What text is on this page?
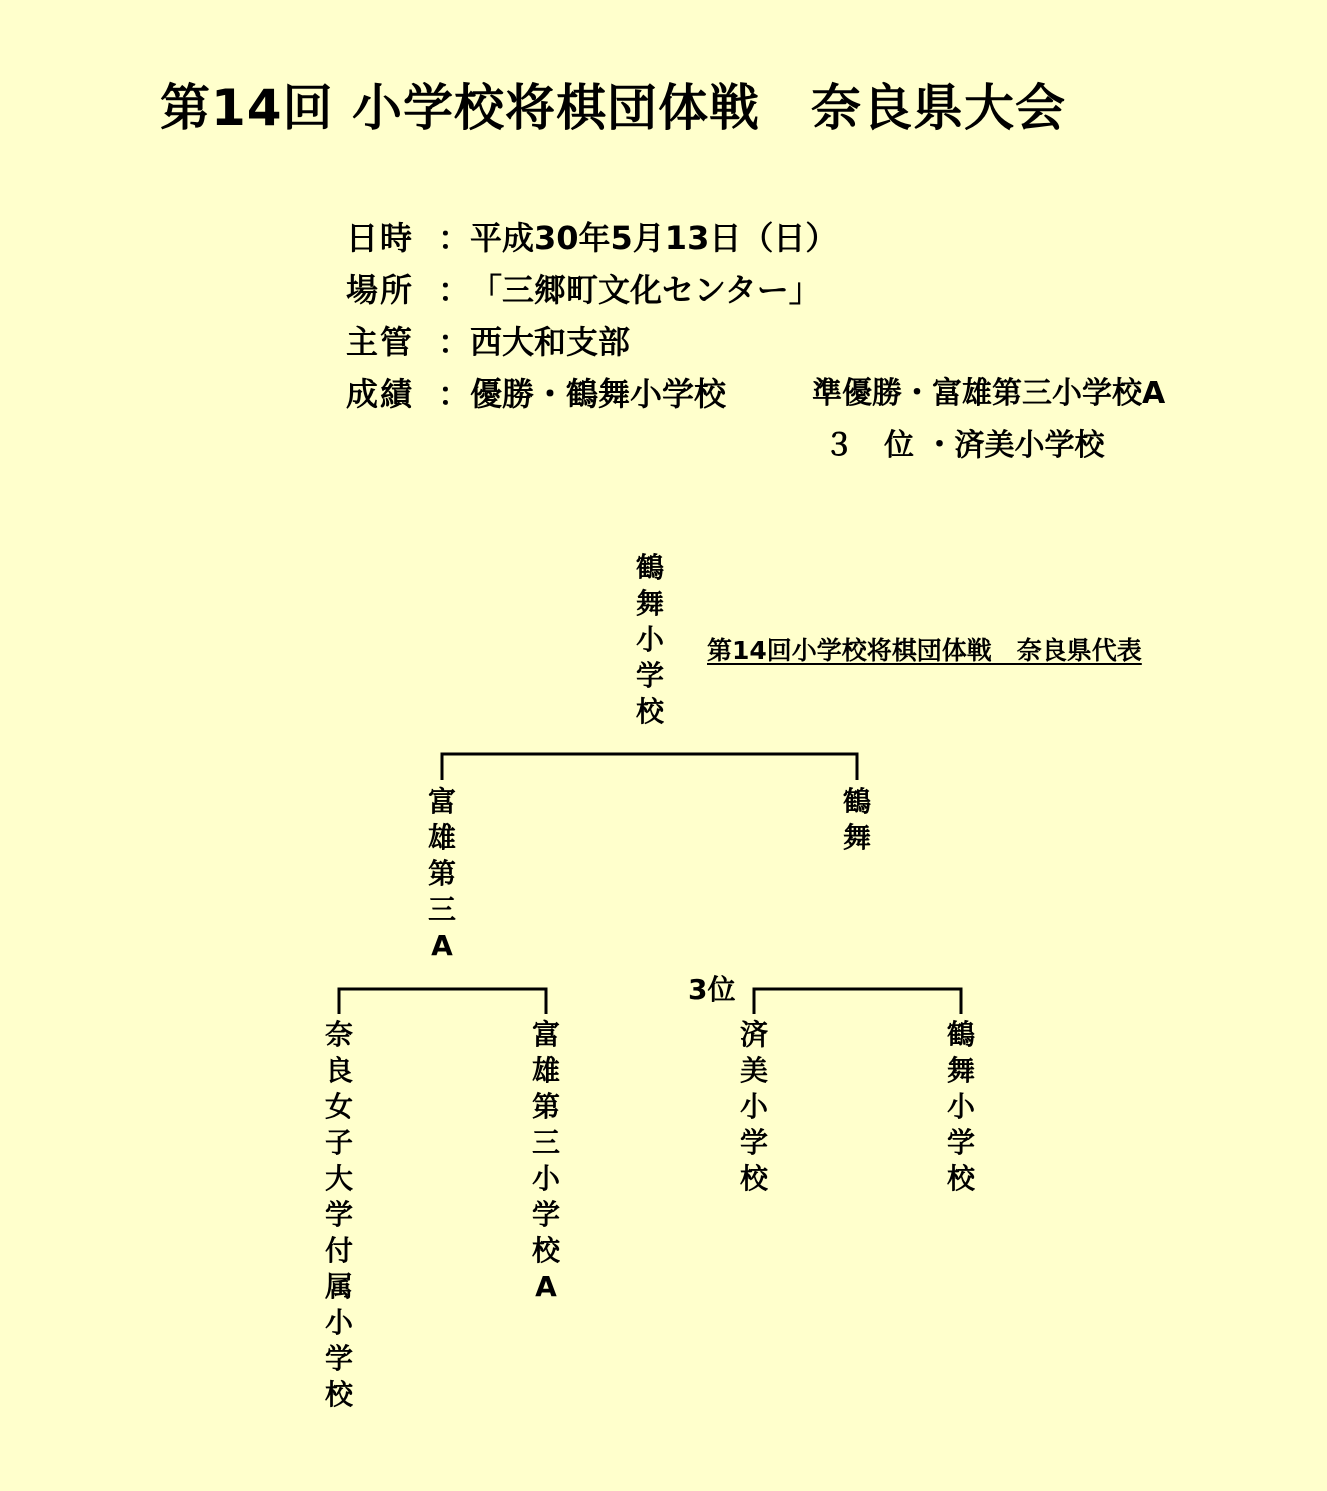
第14回 小学校将棋団体戦　奈良県大会

日時

：

平成30年5月13日（日）

場所

：

「三郷町文化センター」

主管

：

西大和支部

成績

：

優勝・鶴舞小学校	準優勝・富雄第三小学校A
３　位 ・済美小学校
鶴舞小学校
第14回小学校将棋団体戦　奈良県代表
富雄第三A
鶴舞
奈良女子大学付属小学校
富雄第三小学校A
3位
済美小学校
鶴舞小学校
